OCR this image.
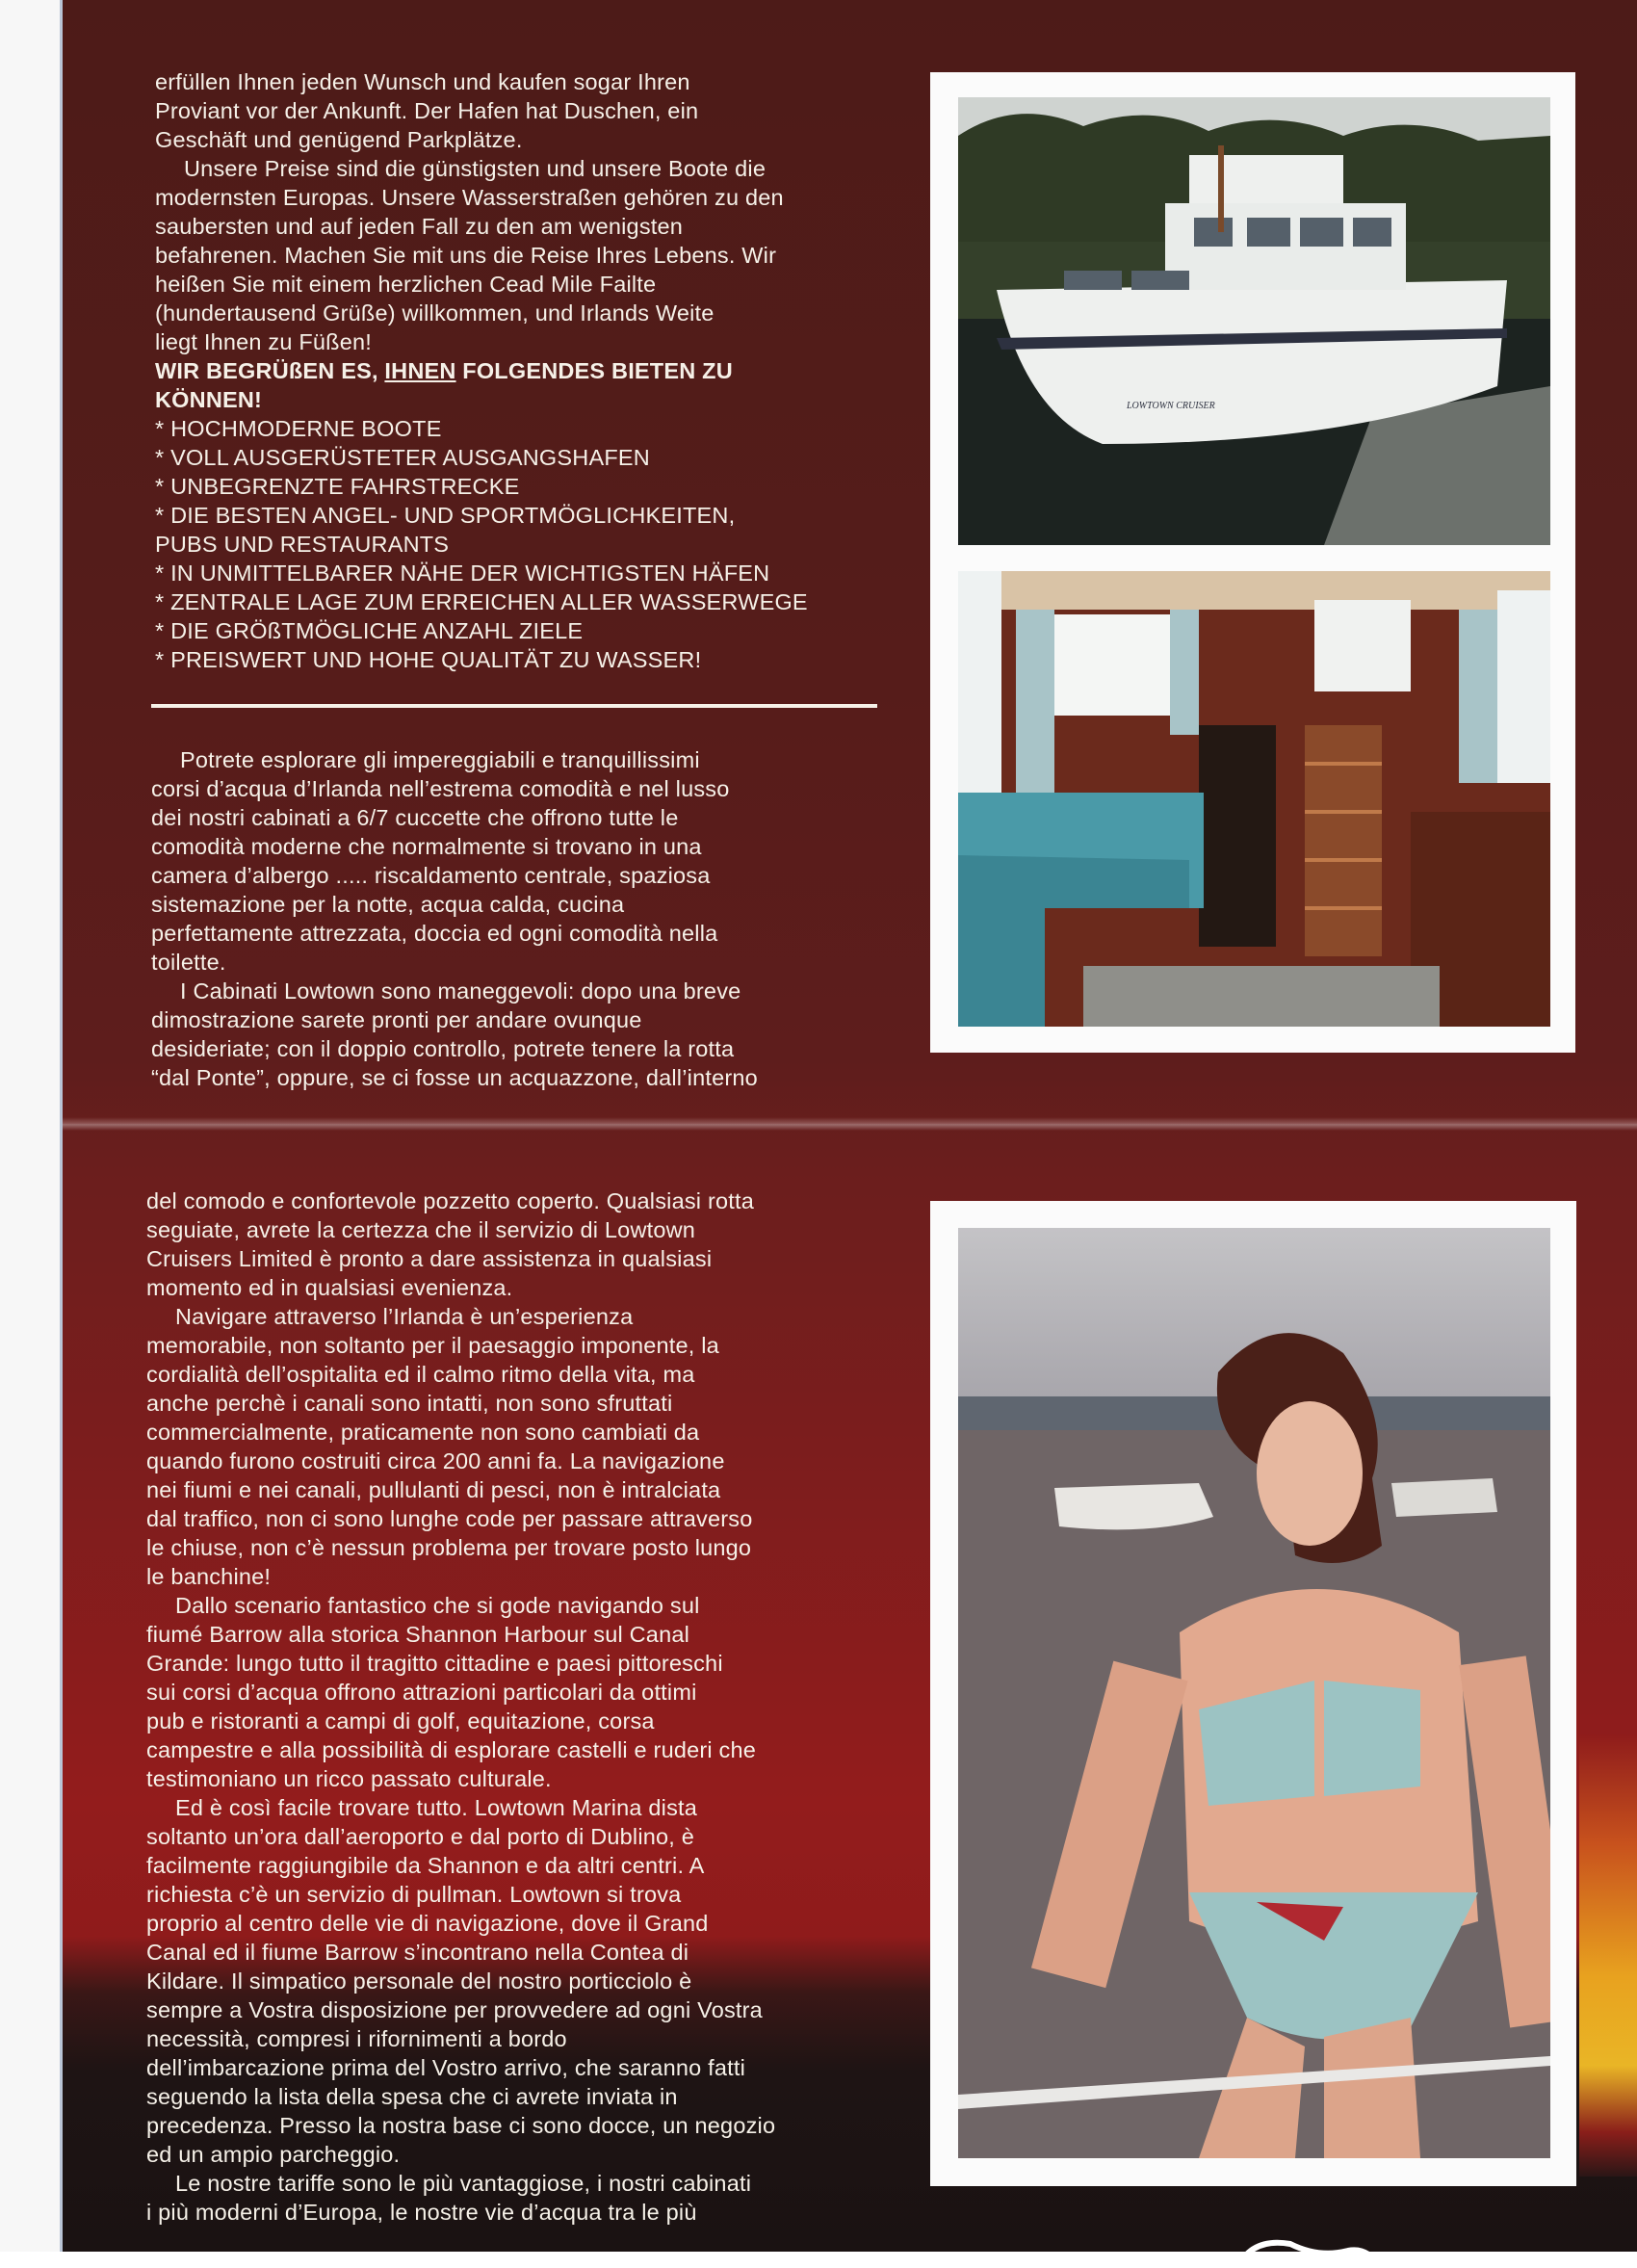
erfüllen Ihnen jeden Wunsch und kaufen sogar Ihren
Proviant vor der Ankunft. Der Hafen hat Duschen, ein
Geschäft und genügend Parkplätze.
Unsere Preise sind die günstigsten und unsere Boote die
modernsten Europas. Unsere Wasserstraßen gehören zu den
saubersten und auf jeden Fall zu den am wenigsten
befahrenen. Machen Sie mit uns die Reise Ihres Lebens. Wir
heißen Sie mit einem herzlichen Cead Mile Failte
(hundertausend Grüße) willkommen, und Irlands Weite
liegt Ihnen zu Füßen!
WIR BEGRÜßEN ES, IHNEN FOLGENDES BIETEN ZU
KÖNNEN!
* HOCHMODERNE BOOTE
* VOLL AUSGERÜSTETER AUSGANGSHAFEN
* UNBEGRENZTE FAHRSTRECKE
* DIE BESTEN ANGEL- UND SPORTMÖGLICHKEITEN,
PUBS UND RESTAURANTS
* IN UNMITTELBARER NÄHE DER WICHTIGSTEN HÄFEN
* ZENTRALE LAGE ZUM ERREICHEN ALLER WASSERWEGE
* DIE GRÖßTMÖGLICHE ANZAHL ZIELE
* PREISWERT UND HOHE QUALITÄT ZU WASSER!
Potrete esplorare gli impereggiabili e tranquillissimi
corsi d’acqua d’Irlanda nell’estrema comodità e nel lusso
dei nostri cabinati a 6/7 cuccette che offrono tutte le
comodità moderne che normalmente si trovano in una
camera d’albergo ..... riscaldamento centrale, spaziosa
sistemazione per la notte, acqua calda, cucina
perfettamente attrezzata, doccia ed ogni comodità nella
toilette.
I Cabinati Lowtown sono maneggevoli: dopo una breve
dimostrazione sarete pronti per andare ovunque
desideriate; con il doppio controllo, potrete tenere la rotta
“dal Ponte”, oppure, se ci fosse un acquazzone, dall’interno
del comodo e confortevole pozzetto coperto. Qualsiasi rotta
seguiate, avrete la certezza che il servizio di Lowtown
Cruisers Limited è pronto a dare assistenza in qualsiasi
momento ed in qualsiasi evenienza.
Navigare attraverso l’Irlanda è un’esperienza
memorabile, non soltanto per il paesaggio imponente, la
cordialità dell’ospitalita ed il calmo ritmo della vita, ma
anche perchè i canali sono intatti, non sono sfruttati
commercialmente, praticamente non sono cambiati da
quando furono costruiti circa 200 anni fa. La navigazione
nei fiumi e nei canali, pullulanti di pesci, non è intralciata
dal traffico, non ci sono lunghe code per passare attraverso
le chiuse, non c’è nessun problema per trovare posto lungo
le banchine!
Dallo scenario fantastico che si gode navigando sul
fiumé Barrow alla storica Shannon Harbour sul Canal
Grande: lungo tutto il tragitto cittadine e paesi pittoreschi
sui corsi d’acqua offrono attrazioni particolari da ottimi
pub e ristoranti a campi di golf, equitazione, corsa
campestre e alla possibilità di esplorare castelli e ruderi che
testimoniano un ricco passato culturale.
Ed è così facile trovare tutto. Lowtown Marina dista
soltanto un’ora dall’aeroporto e dal porto di Dublino, è
facilmente raggiungibile da Shannon e da altri centri. A
richiesta c’è un servizio di pullman. Lowtown si trova
proprio al centro delle vie di navigazione, dove il Grand
Canal ed il fiume Barrow s’incontrano nella Contea di
Kildare. Il simpatico personale del nostro porticciolo è
sempre a Vostra disposizione per provvedere ad ogni Vostra
necessità, compresi i rifornimenti a bordo
dell’imbarcazione prima del Vostro arrivo, che saranno fatti
seguendo la lista della spesa che ci avrete inviata in
precedenza. Presso la nostra base ci sono docce, un negozio
ed un ampio parcheggio.
Le nostre tariffe sono le più vantaggiose, i nostri cabinati
i più moderni d’Europa, le nostre vie d’acqua tra le più
LOWTOWN CRUISER
